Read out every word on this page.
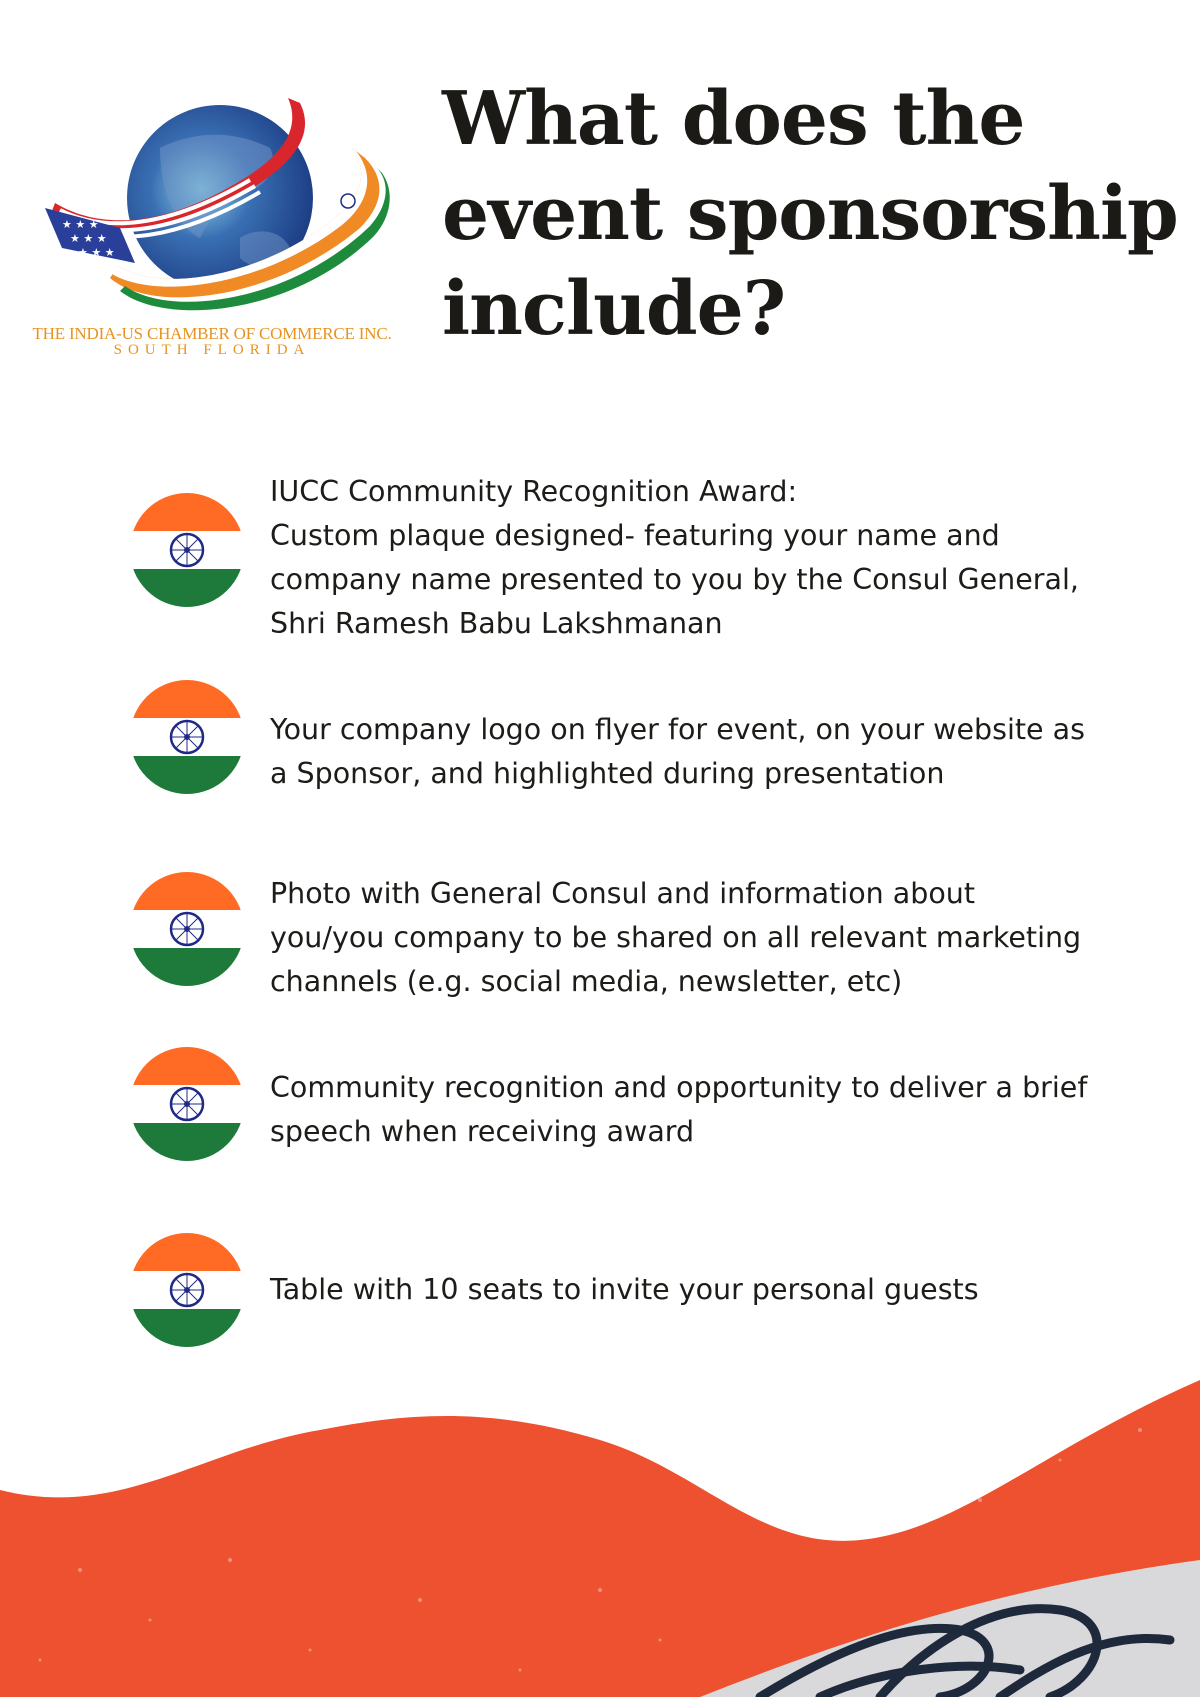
★ ★ ★
★ ★ ★
★ ★ ★
THE INDIA-US CHAMBER OF COMMERCE INC.
SOUTH FLORIDA
What does the event sponsorship include?
IUCC Community Recognition Award:
Custom plaque designed- featuring your name and
company name presented to you by the Consul General,
Shri Ramesh Babu Lakshmanan
Your company logo on flyer for event, on your website as
a Sponsor, and highlighted during presentation
Photo with General Consul and information about
you/you company to be shared on all relevant marketing
channels (e.g. social media, newsletter, etc)
Community recognition and opportunity to deliver a brief
speech when receiving award
Table with 10 seats to invite your personal guests
